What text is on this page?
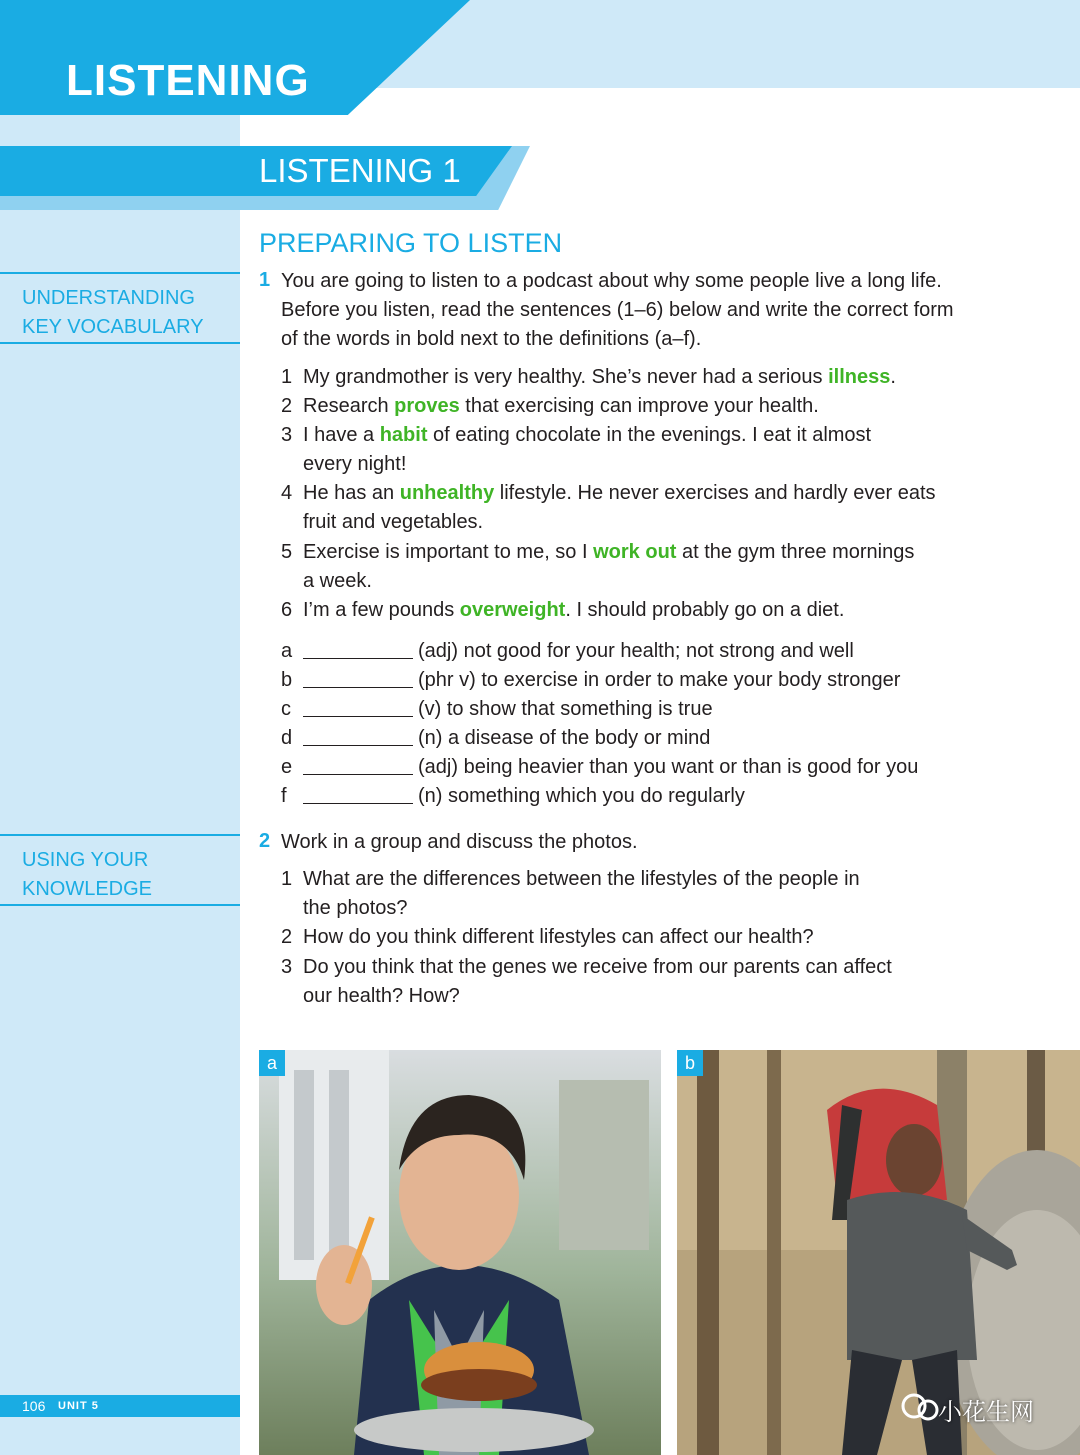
LISTENING
LISTENING 1
PREPARING TO LISTEN
UNDERSTANDING
KEY VOCABULARY
USING YOUR
KNOWLEDGE
1 You are going to listen to a podcast about why some people live a long life.
Before you listen, read the sentences (1–6) below and write the correct form
of the words in bold next to the definitions (a–f).
1 My grandmother is very healthy. She’s never had a serious illness.
2 Research proves that exercising can improve your health.
3 I have a habit of eating chocolate in the evenings. I eat it almost
every night!
4 He has an unhealthy lifestyle. He never exercises and hardly ever eats
fruit and vegetables.
5 Exercise is important to me, so I work out at the gym three mornings
a week.
6 I’m a few pounds overweight. I should probably go on a diet.
a	(adj) not good for your health; not strong and well
b	(phr v) to exercise in order to make your body stronger
c	(v) to show that something is true
d	(n) a disease of the body or mind
e	(adj) being heavier than you want or than is good for you
f	(n) something which you do regularly
2 Work in a group and discuss the photos.
1 What are the differences between the lifestyles of the people in
the photos?
2 How do you think different lifestyles can affect our health?
3 Do you think that the genes we receive from our parents can affect
our health? How?
a	b
106 UNIT 5	小花生网
